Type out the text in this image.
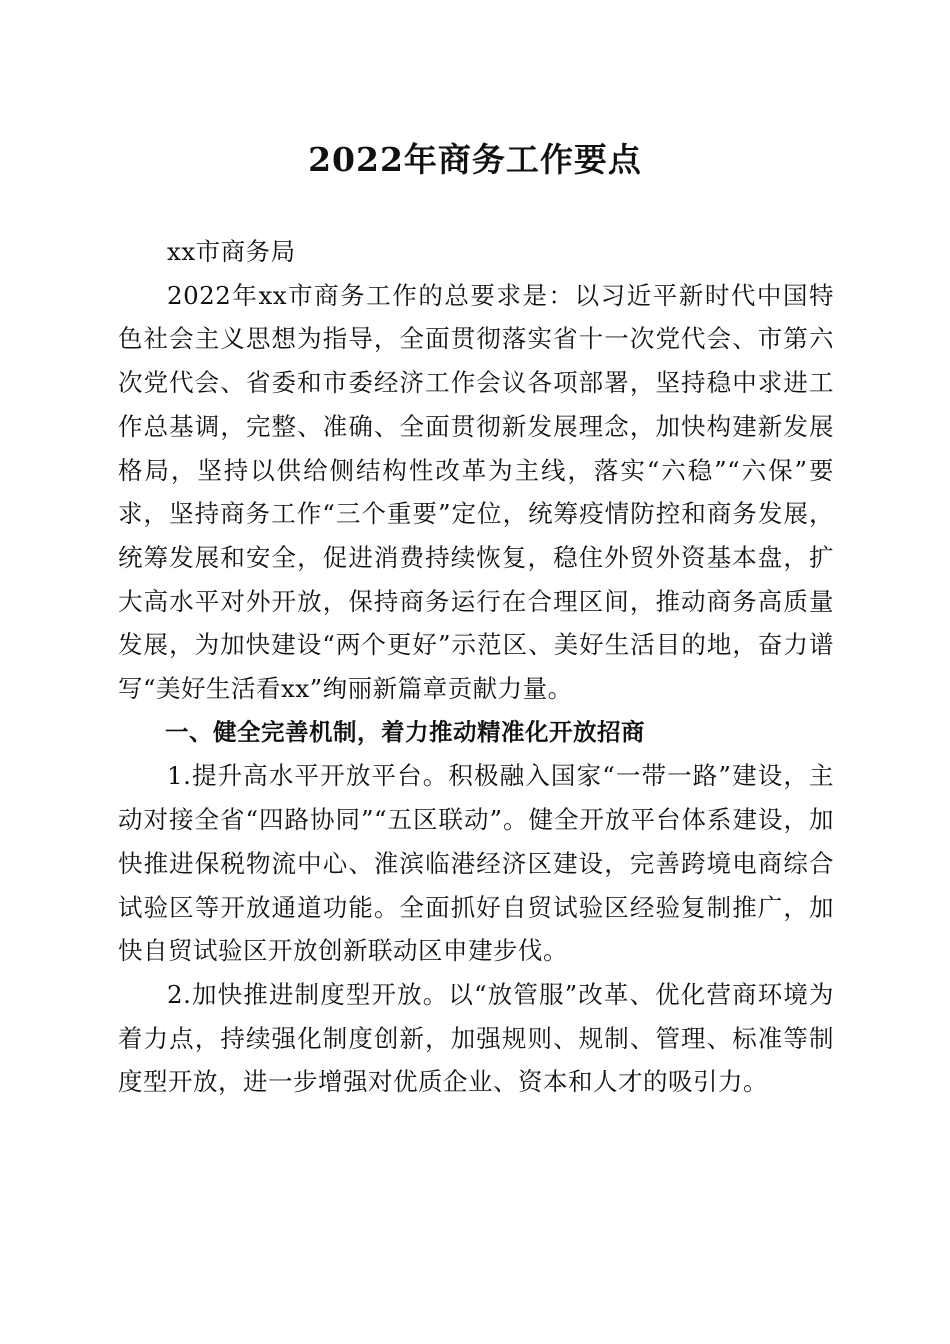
2022年商务工作要点

xx市商务局

2022年xx市商务工作的总要求是：以习近平新时代中国特色社会主义思想为指导，全面贯彻落实省十一次党代会、市第六次党代会、省委和市委经济工作会议各项部署，坚持稳中求进工作总基调，完整、准确、全面贯彻新发展理念，加快构建新发展格局，坚持以供给侧结构性改革为主线，落实“六稳”“六保”要求，坚持商务工作“三个重要”定位，统筹疫情防控和商务发展，统筹发展和安全，促进消费持续恢复，稳住外贸外资基本盘，扩大高水平对外开放，保持商务运行在合理区间，推动商务高质量发展，为加快建设“两个更好”示范区、美好生活目的地，奋力谱写“美好生活看xx”绚丽新篇章贡献力量。

一、健全完善机制，着力推动精准化开放招商

1.提升高水平开放平台。积极融入国家“一带一路”建设，主动对接全省“四路协同”“五区联动”。健全开放平台体系建设，加快推进保税物流中心、淮滨临港经济区建设，完善跨境电商综合试验区等开放通道功能。全面抓好自贸试验区经验复制推广，加快自贸试验区开放创新联动区申建步伐。

2.加快推进制度型开放。以“放管服”改革、优化营商环境为着力点，持续强化制度创新，加强规则、规制、管理、标准等制度型开放，进一步增强对优质企业、资本和人才的吸引力。
